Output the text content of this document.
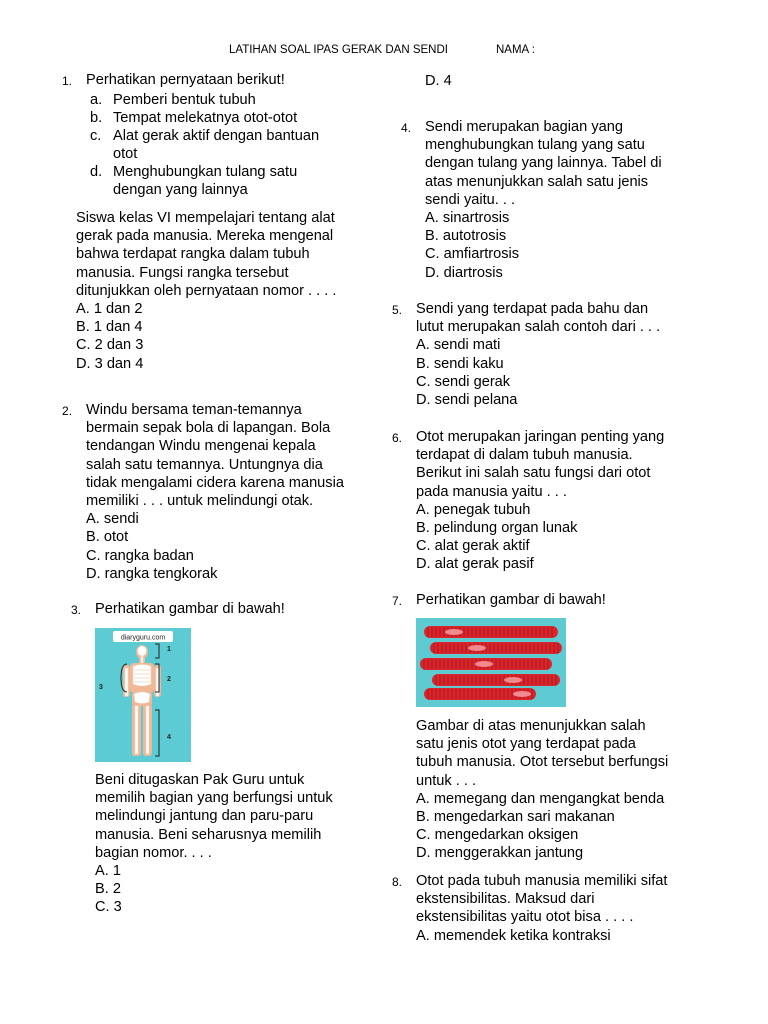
LATIHAN SOAL IPAS GERAK DAN SENDI	NAMA :
1. Perhatikan pernyataan berikut!
a. Pemberi bentuk tubuh
b. Tempat melekatnya otot-otot
c. Alat gerak aktif dengan bantuan
otot
d. Menghubungkan tulang satu
dengan yang lainnya
Siswa kelas VI mempelajari tentang alat
gerak pada manusia. Mereka mengenal
bahwa terdapat rangka dalam tubuh
manusia. Fungsi rangka tersebut
ditunjukkan oleh pernyataan nomor . . . .
A. 1 dan 2
B. 1 dan 4
C. 2 dan 3
D. 3 dan 4
2. Windu bersama teman-temannya
bermain sepak bola di lapangan. Bola
tendangan Windu mengenai kepala
salah satu temannya. Untungnya dia
tidak mengalami cidera karena manusia
memiliki . . . untuk melindungi otak.
A. sendi
B. otot
C. rangka badan
D. rangka tengkorak
3. Perhatikan gambar di bawah!
diaryguru.com
1
2
3
4
Beni ditugaskan Pak Guru untuk
memilih bagian yang berfungsi untuk
melindungi jantung dan paru-paru
manusia. Beni seharusnya memilih
bagian nomor. . . .
A. 1
B. 2
C. 3
D. 4
4. Sendi merupakan bagian yang
menghubungkan tulang yang satu
dengan tulang yang lainnya. Tabel di
atas menunjukkan salah satu jenis
sendi yaitu. . .
A. sinartrosis
B. autotrosis
C. amfiartrosis
D. diartrosis
5. Sendi yang terdapat pada bahu dan
lutut merupakan salah contoh dari . . .
A. sendi mati
B. sendi kaku
C. sendi gerak
D. sendi pelana
6. Otot merupakan jaringan penting yang
terdapat di dalam tubuh manusia.
Berikut ini salah satu fungsi dari otot
pada manusia yaitu . . .
A. penegak tubuh
B. pelindung organ lunak
C. alat gerak aktif
D. alat gerak pasif
7. Perhatikan gambar di bawah!
Gambar di atas menunjukkan salah
satu jenis otot yang terdapat pada
tubuh manusia. Otot tersebut berfungsi
untuk . . .
A. memegang dan mengangkat benda
B. mengedarkan sari makanan
C. mengedarkan oksigen
D. menggerakkan jantung
8. Otot pada tubuh manusia memiliki sifat
ekstensibilitas. Maksud dari
ekstensibilitas yaitu otot bisa . . . .
A. memendek ketika kontraksi
